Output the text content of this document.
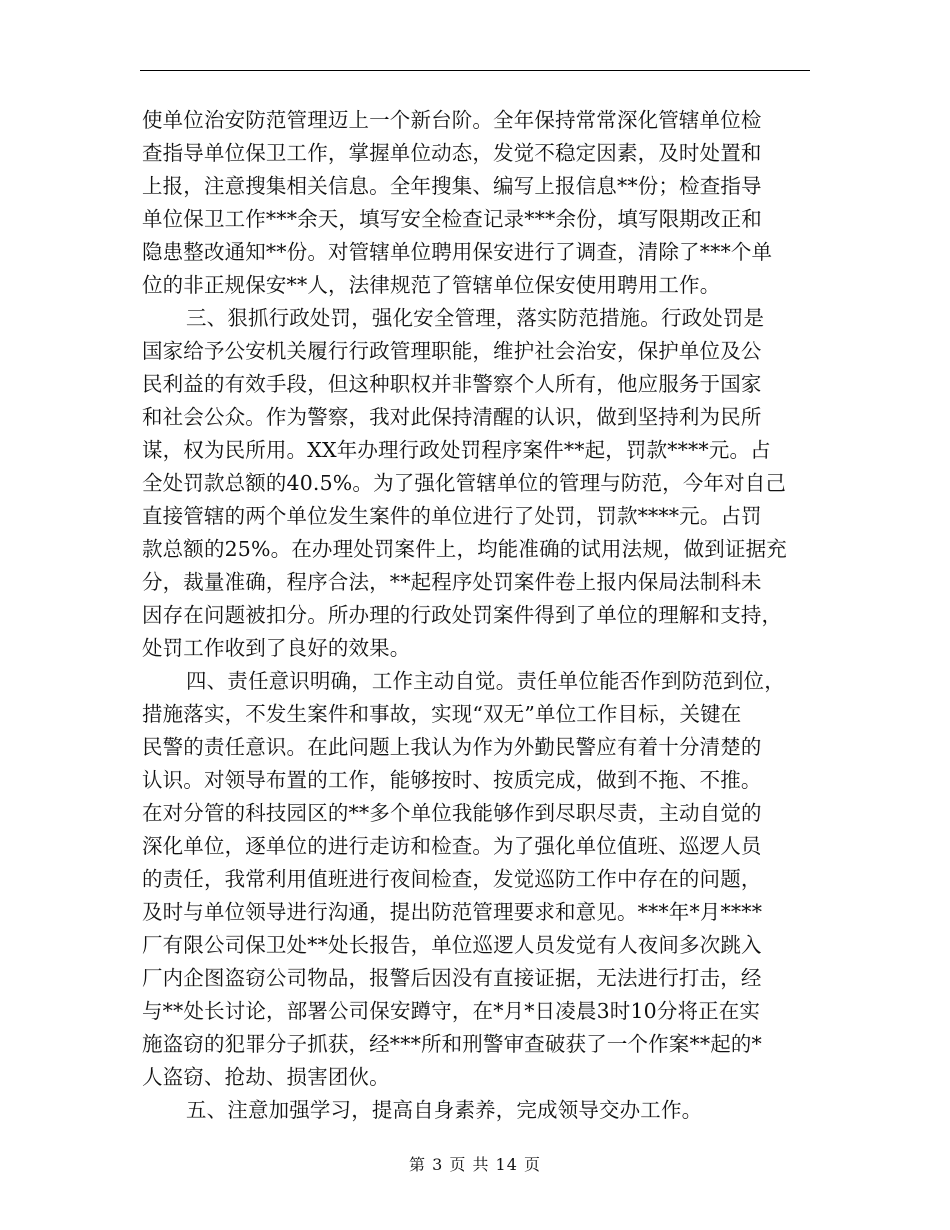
使单位治安防范管理迈上一个新台阶。全年保持常常深化管辖单位检
查指导单位保卫工作，掌握单位动态，发觉不稳定因素，及时处置和
上报，注意搜集相关信息。全年搜集、编写上报信息**份；检查指导
单位保卫工作***余天，填写安全检查记录***余份，填写限期改正和
隐患整改通知**份。对管辖单位聘用保安进行了调查，清除了***个单
位的非正规保安**人，法律规范了管辖单位保安使用聘用工作。
三、狠抓行政处罚，强化安全管理，落实防范措施。行政处罚是
国家给予公安机关履行行政管理职能，维护社会治安，保护单位及公
民利益的有效手段，但这种职权并非警察个人所有，他应服务于国家
和社会公众。作为警察，我对此保持清醒的认识，做到坚持利为民所
谋，权为民所用。XX年办理行政处罚程序案件**起，罚款****元。占
全处罚款总额的40.5%。为了强化管辖单位的管理与防范，今年对自己
直接管辖的两个单位发生案件的单位进行了处罚，罚款****元。占罚
款总额的25%。在办理处罚案件上，均能准确的试用法规，做到证据充
分，裁量准确，程序合法，**起程序处罚案件卷上报内保局法制科未
因存在问题被扣分。所办理的行政处罚案件得到了单位的理解和支持，
处罚工作收到了良好的效果。
四、责任意识明确，工作主动自觉。责任单位能否作到防范到位，
措施落实，不发生案件和事故，实现“双无”单位工作目标，关键在
民警的责任意识。在此问题上我认为作为外勤民警应有着十分清楚的
认识。对领导布置的工作，能够按时、按质完成，做到不拖、不推。
在对分管的科技园区的**多个单位我能够作到尽职尽责，主动自觉的
深化单位，逐单位的进行走访和检查。为了强化单位值班、巡逻人员
的责任，我常利用值班进行夜间检查，发觉巡防工作中存在的问题，
及时与单位领导进行沟通，提出防范管理要求和意见。***年*月****
厂有限公司保卫处**处长报告，单位巡逻人员发觉有人夜间多次跳入
厂内企图盗窃公司物品，报警后因没有直接证据，无法进行打击，经
与**处长讨论，部署公司保安蹲守，在*月*日凌晨3时10分将正在实
施盗窃的犯罪分子抓获，经***所和刑警审查破获了一个作案**起的*
人盗窃、抢劫、损害团伙。
五、注意加强学习，提高自身素养，完成领导交办工作。
第 3 页 共 14 页
